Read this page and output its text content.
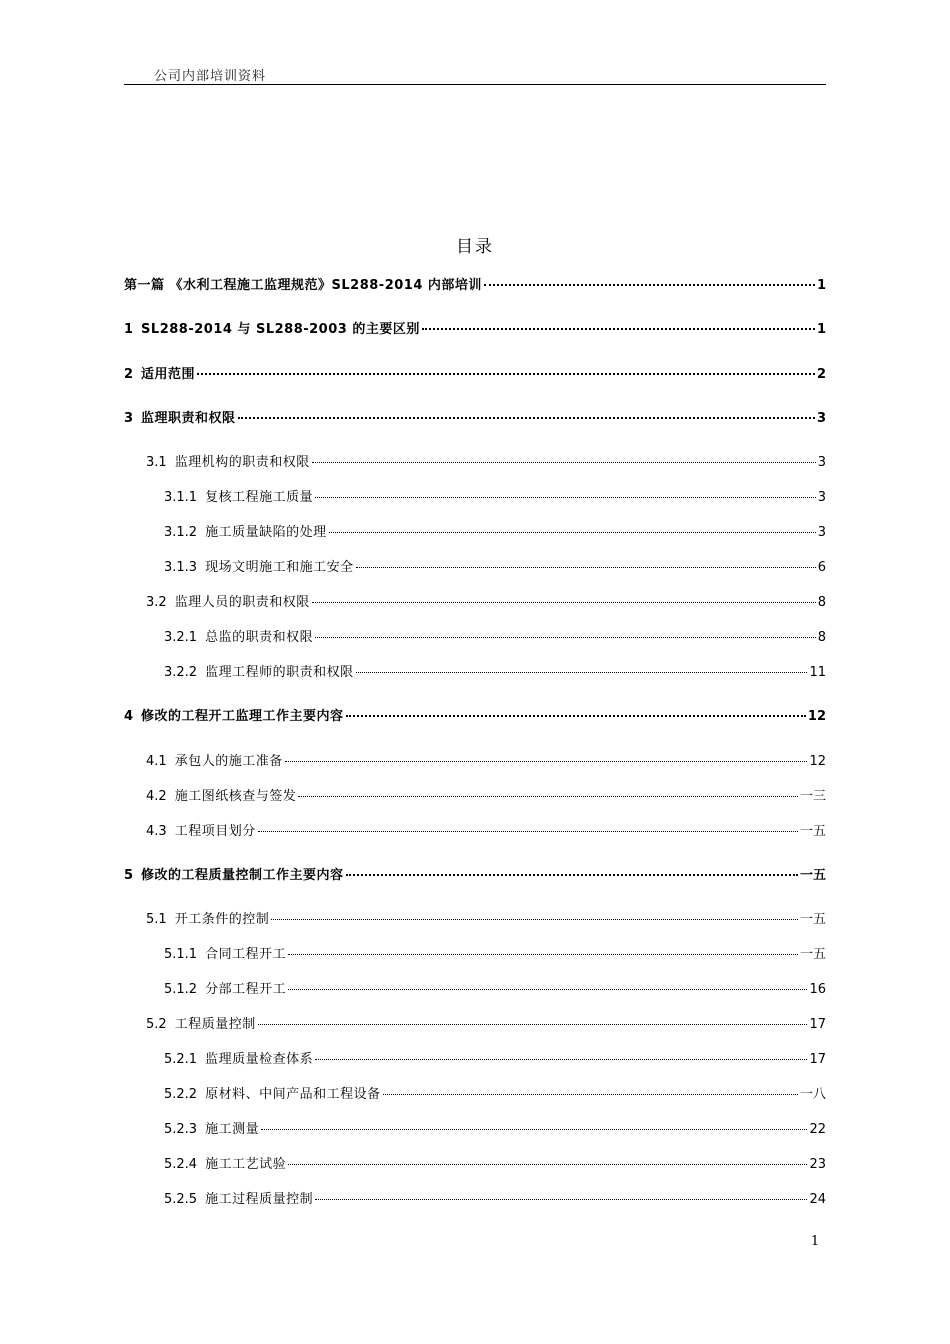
公司内部培训资料
目录
第一篇 《水利工程施工监理规范》SL288-2014 内部培训	1
1 SL288-2014 与 SL288-2003 的主要区别	1
2 适用范围	2
3 监理职责和权限	3
3.1 监理机构的职责和权限	3
3.1.1 复核工程施工质量	3
3.1.2 施工质量缺陷的处理	3
3.1.3 现场文明施工和施工安全	6
3.2 监理人员的职责和权限	8
3.2.1 总监的职责和权限	8
3.2.2 监理工程师的职责和权限	11
4 修改的工程开工监理工作主要内容	12
4.1 承包人的施工准备	12
4.2 施工图纸核查与签发	一三
4.3 工程项目划分	一五
5 修改的工程质量控制工作主要内容	一五
5.1 开工条件的控制	一五
5.1.1 合同工程开工	一五
5.1.2 分部工程开工	16
5.2 工程质量控制	17
5.2.1 监理质量检查体系	17
5.2.2 原材料、中间产品和工程设备	一八
5.2.3 施工测量	22
5.2.4 施工工艺试验	23
5.2.5 施工过程质量控制	24
1
